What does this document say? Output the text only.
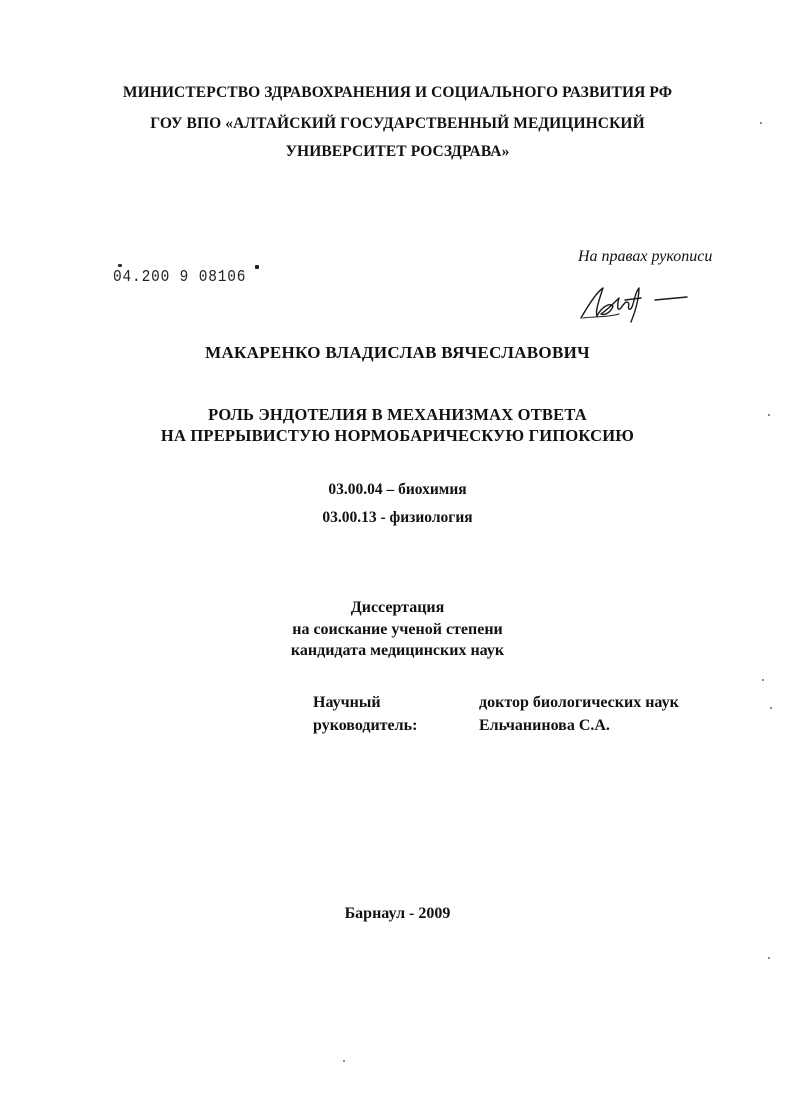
МИНИСТЕРСТВО ЗДРАВОХРАНЕНИЯ И СОЦИАЛЬНОГО РАЗВИТИЯ РФ
ГОУ ВПО «АЛТАЙСКИЙ ГОСУДАРСТВЕННЫЙ МЕДИЦИНСКИЙ
УНИВЕРСИТЕТ РОСЗДРАВА»
04.200 9 08106
На правах рукописи
МАКАРЕНКО ВЛАДИСЛАВ ВЯЧЕСЛАВОВИЧ
РОЛЬ ЭНДОТЕЛИЯ В МЕХАНИЗМАХ ОТВЕТА
НА ПРЕРЫВИСТУЮ НОРМОБАРИЧЕСКУЮ ГИПОКСИЮ
03.00.04 – биохимия
03.00.13 - физиология
Диссертация
на соискание ученой степени
кандидата медицинских наук
Научный
руководитель:
доктор биологических наук
Ельчанинова С.А.
Барнаул - 2009
